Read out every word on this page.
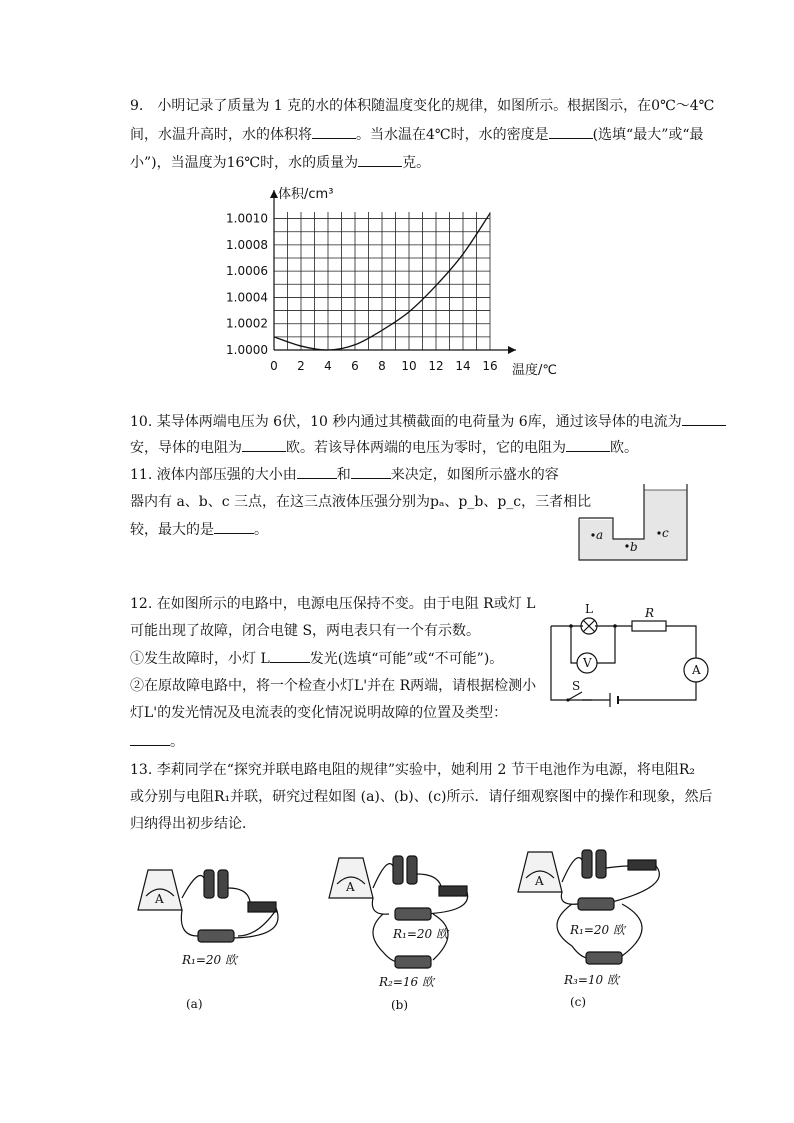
9.　小明记录了质量为 1 克的水的体积随温度变化的规律，如图所示。根据图示，在0℃～4℃
间，水温升高时，水的体积将	。当水温在4℃时，水的密度是	(选填“最大”或“最
小”)，当温度为16℃时，水的质量为	克。
0 2 4 6 8 10 12 14 16
1.0000
1.0002
1.0004
1.0006
1.0008
1.0010
温度/℃
体积/cm³
10. 某导体两端电压为 6伏，10 秒内通过其横截面的电荷量为 6库，通过该导体的电流为
安，导体的电阻为	欧。若该导体两端的电压为零时，它的电阻为	欧。
11. 液体内部压强的大小由	和	来决定，如图所示盛水的容
器内有 a、b、c 三点，在这三点液体压强分别为pₐ、p_b、p_c，三者相比
较，最大的是	。	a
b
c
12. 在如图所示的电路中，电源电压保持不变。由于电阻 R或灯 L
可能出现了故障，闭合电键 S，两电表只有一个有示数。
①发生故障时，小灯 L	发光(选填“可能”或“不可能”)。
②在原故障电路中，将一个检查小灯L'并在 R两端，请根据检测小
灯L'的发光情况及电流表的变化情况说明故障的位置及类型：
。
L	R
V	A
S
13. 李莉同学在“探究并联电路电阻的规律”实验中，她利用 2 节干电池作为电源，将电阻R₂
或分别与电阻R₁并联，研究过程如图 (a)、(b)、(c)所示．请仔细观察图中的操作和现象，然后
归纳得出初步结论．
A
R₁=20 欧
(a)
A
R₁=20 欧
R₂=16 欧
(b)
A
R₁=20 欧
R₃=10 欧
(c)
